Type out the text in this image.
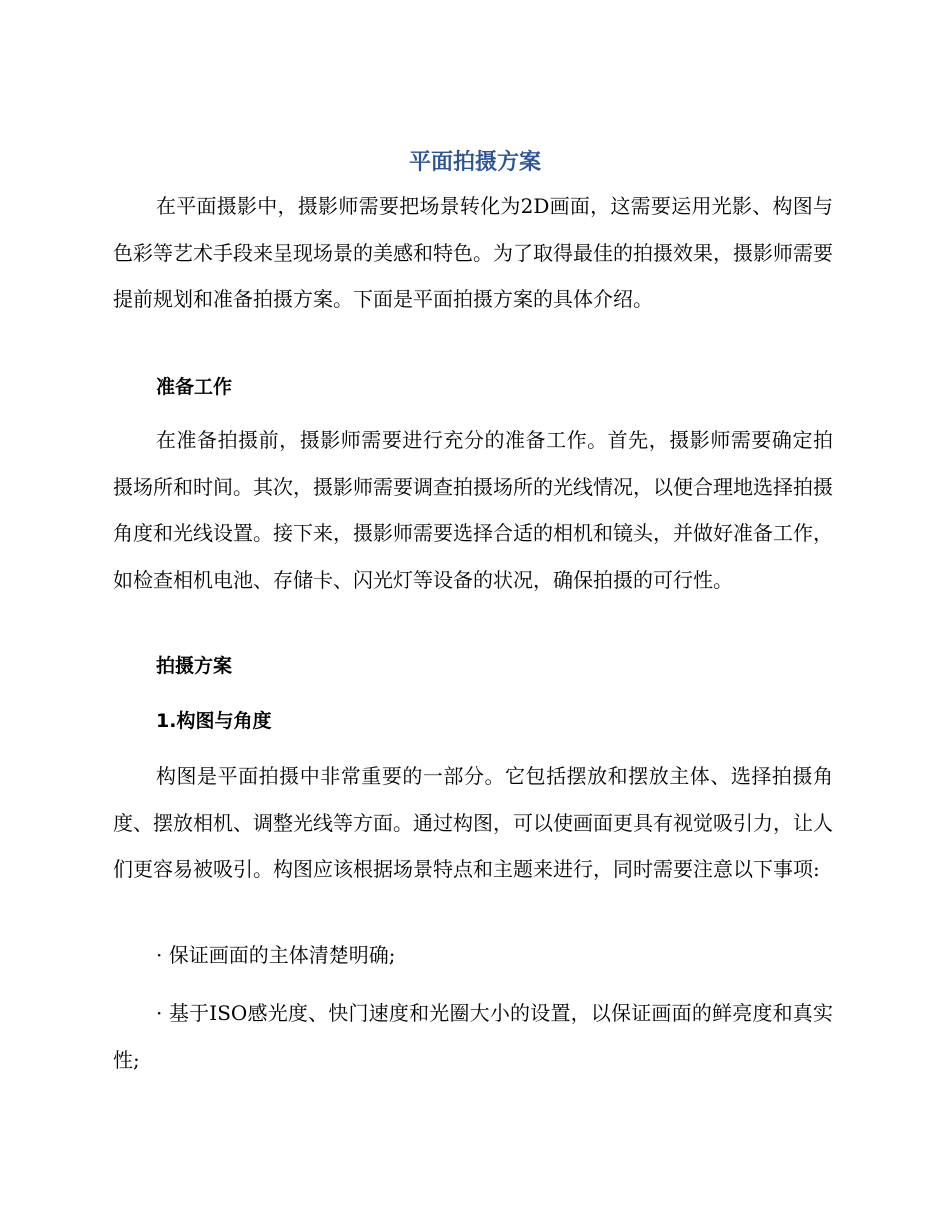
平面拍摄方案

在平面摄影中，摄影师需要把场景转化为2D画面，这需要运用光影、构图与色彩等艺术手段来呈现场景的美感和特色。为了取得最佳的拍摄效果，摄影师需要提前规划和准备拍摄方案。下面是平面拍摄方案的具体介绍。

准备工作

在准备拍摄前，摄影师需要进行充分的准备工作。首先，摄影师需要确定拍摄场所和时间。其次，摄影师需要调查拍摄场所的光线情况，以便合理地选择拍摄角度和光线设置。接下来，摄影师需要选择合适的相机和镜头，并做好准备工作，如检查相机电池、存储卡、闪光灯等设备的状况，确保拍摄的可行性。

拍摄方案
1.构图与角度

构图是平面拍摄中非常重要的一部分。它包括摆放和摆放主体、选择拍摄角度、摆放相机、调整光线等方面。通过构图，可以使画面更具有视觉吸引力，让人们更容易被吸引。构图应该根据场景特点和主题来进行，同时需要注意以下事项:

· 保证画面的主体清楚明确;

· 基于ISO感光度、快门速度和光圈大小的设置，以保证画面的鲜亮度和真实性;
